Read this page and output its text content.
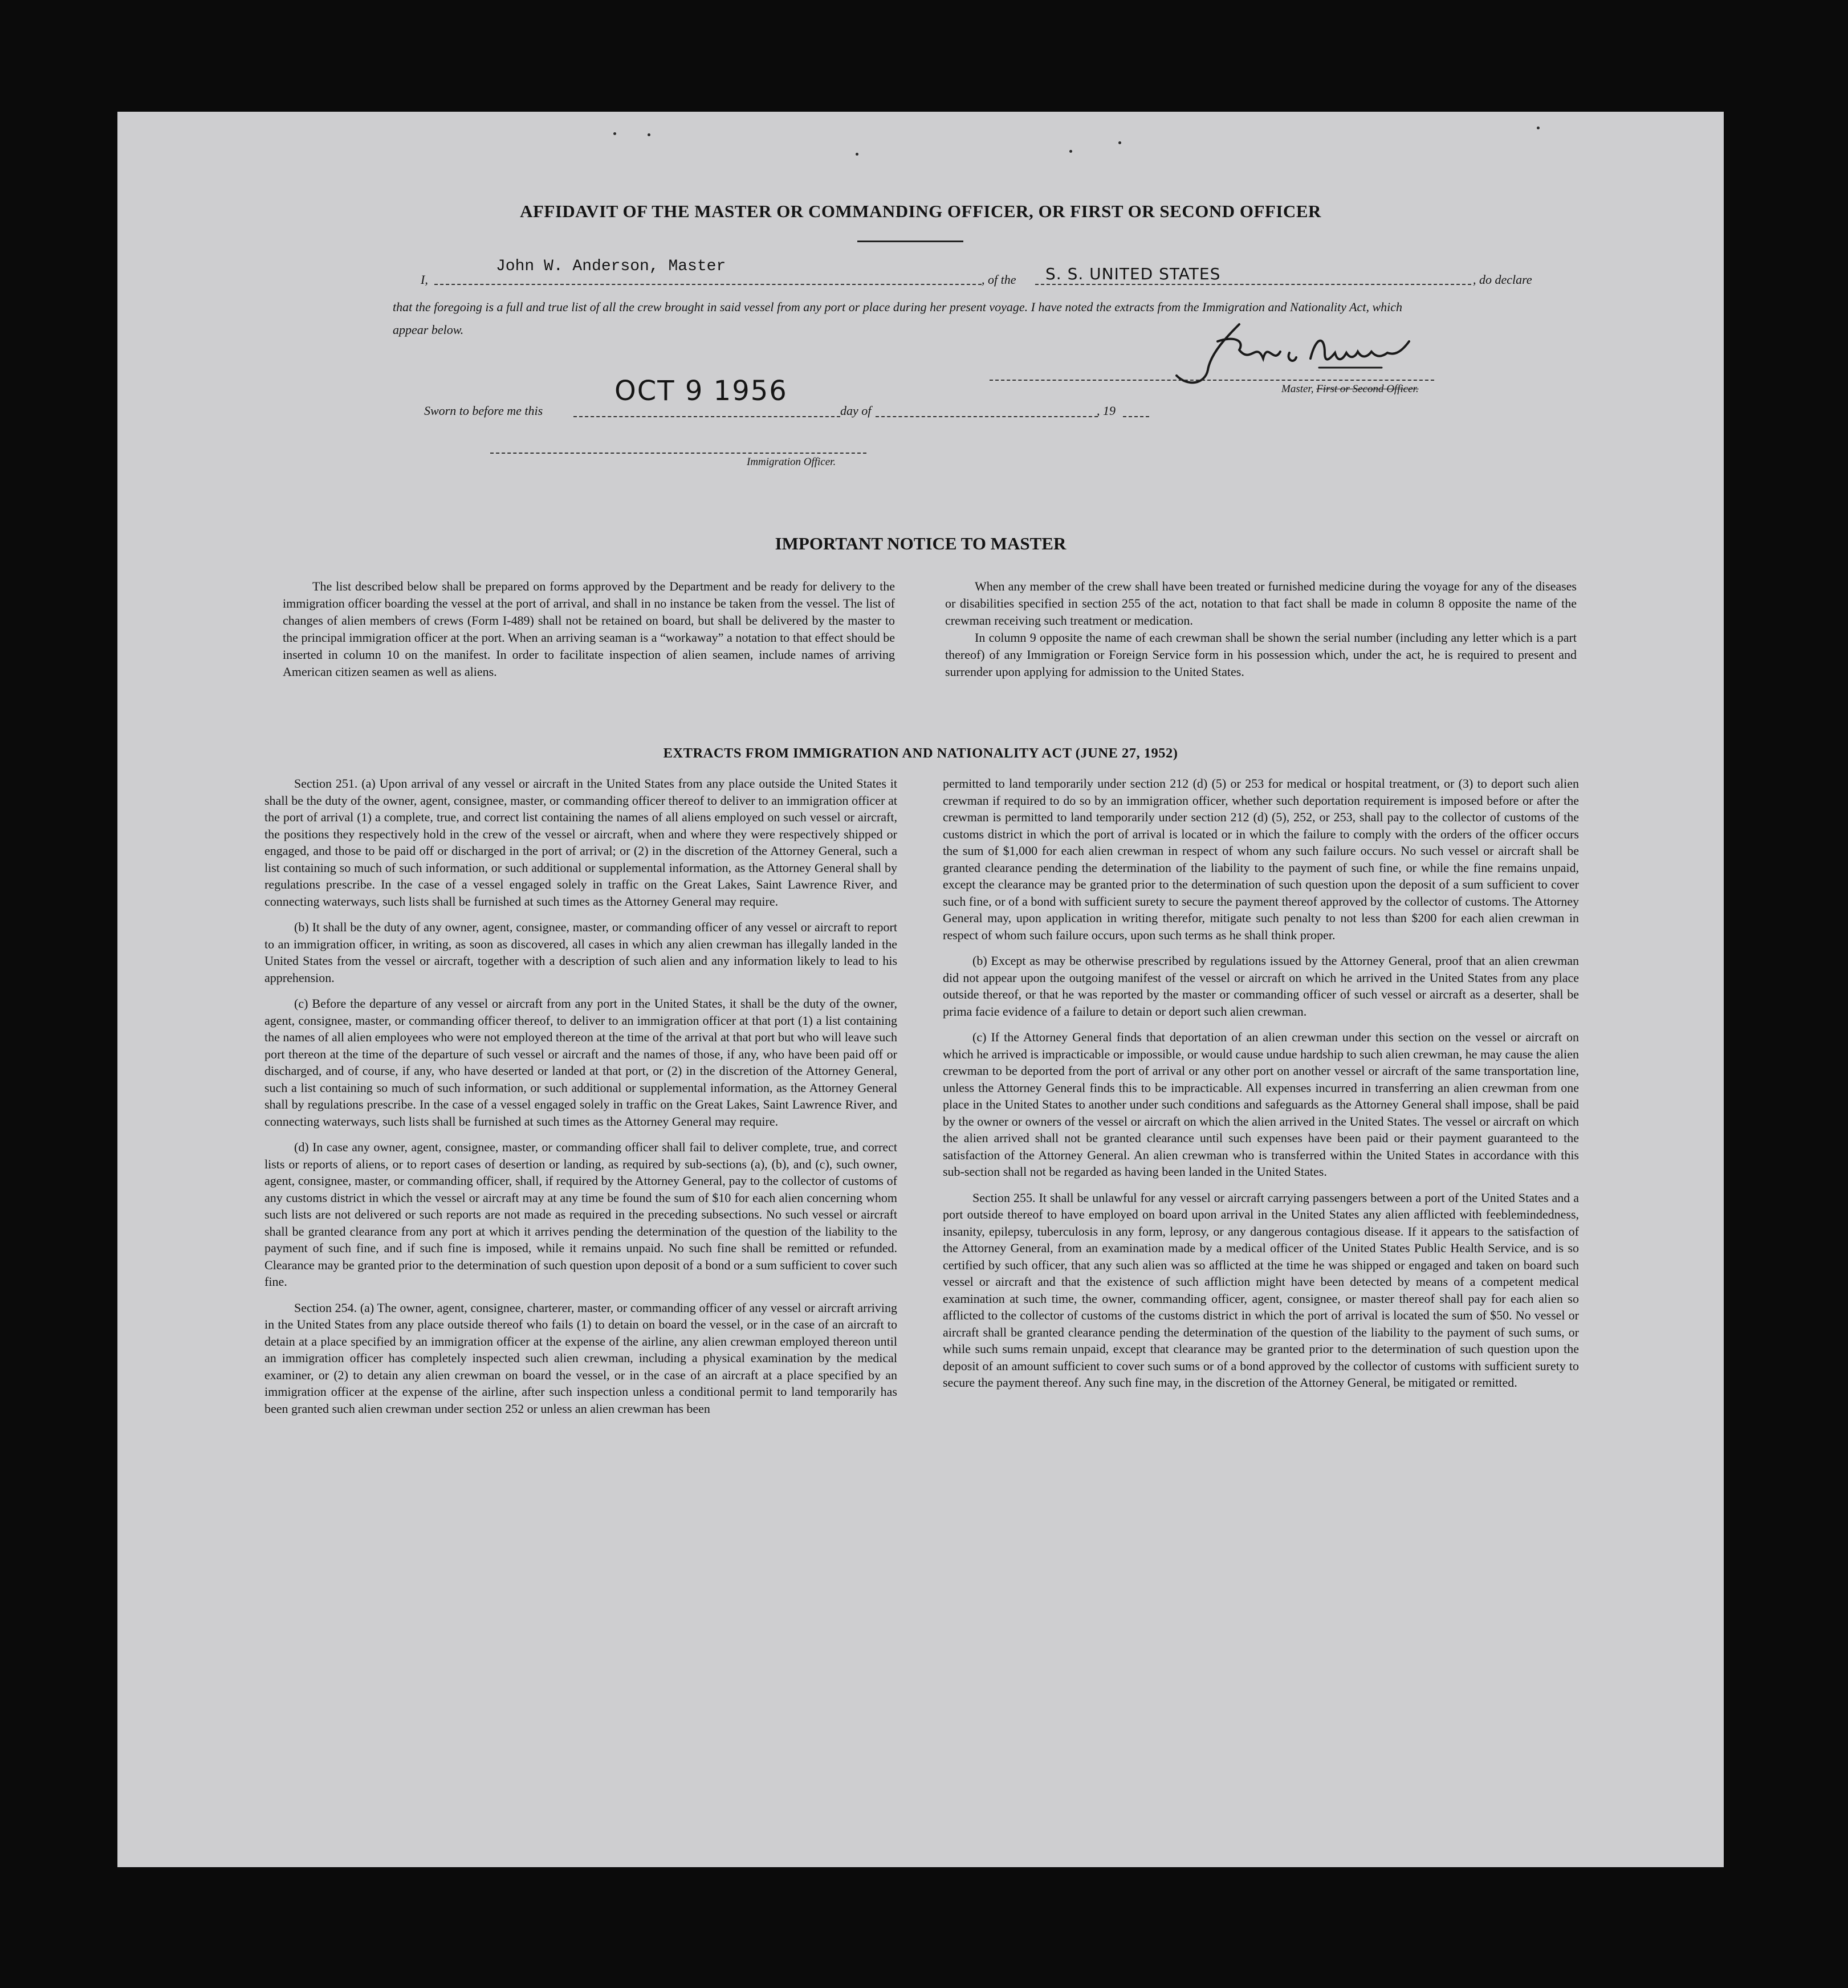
AFFIDAVIT OF THE MASTER OR COMMANDING OFFICER, OR FIRST OR SECOND OFFICER
I,
John W. Anderson, Master
, of the S. S. UNITED STATES	, do declare
that the foregoing is a full and true list of all the crew brought in said vessel from any port or place during her present voyage. I have noted the extracts from the Immigration and Nationality Act, which appear below.
Master, First or Second Officer.
Sworn to before me this
OCT 9 1956
day of	, 19
Immigration Officer.
IMPORTANT NOTICE TO MASTER

The list described below shall be prepared on forms approved by the Department and be ready for delivery to the immigration officer boarding the vessel at the port of arrival, and shall in no instance be taken from the vessel. The list of changes of alien members of crews (Form I-489) shall not be retained on board, but shall be delivered by the master to the principal immigration officer at the port. When an arriving seaman is a “workaway” a notation to that effect should be inserted in column 10 on the manifest. In order to facilitate inspection of alien seamen, include names of arriving American citizen seamen as well as aliens.

When any member of the crew shall have been treated or furnished medicine during the voyage for any of the diseases or disabilities specified in section 255 of the act, notation to that fact shall be made in column 8 opposite the name of the crewman receiving such treatment or medication.

In column 9 opposite the name of each crewman shall be shown the serial number (including any letter which is a part thereof) of any Immigration or Foreign Service form in his possession which, under the act, he is required to present and surrender upon applying for admission to the United States.

EXTRACTS FROM IMMIGRATION AND NATIONALITY ACT (JUNE 27, 1952)

Section 251. (a) Upon arrival of any vessel or aircraft in the United States from any place outside the United States it shall be the duty of the owner, agent, consignee, master, or commanding officer thereof to deliver to an immigration officer at the port of arrival (1) a complete, true, and correct list containing the names of all aliens employed on such vessel or aircraft, the positions they respectively hold in the crew of the vessel or aircraft, when and where they were respectively shipped or engaged, and those to be paid off or discharged in the port of arrival; or (2) in the discretion of the Attorney General, such a list containing so much of such information, or such additional or supplemental information, as the Attorney General shall by regulations prescribe. In the case of a vessel engaged solely in traffic on the Great Lakes, Saint Lawrence River, and connecting waterways, such lists shall be furnished at such times as the Attorney General may require.

(b) It shall be the duty of any owner, agent, consignee, master, or commanding officer of any vessel or aircraft to report to an immigration officer, in writing, as soon as discovered, all cases in which any alien crewman has illegally landed in the United States from the vessel or aircraft, together with a description of such alien and any information likely to lead to his apprehension.

(c) Before the departure of any vessel or aircraft from any port in the United States, it shall be the duty of the owner, agent, consignee, master, or commanding officer thereof, to deliver to an immigration officer at that port (1) a list containing the names of all alien employees who were not employed thereon at the time of the arrival at that port but who will leave such port thereon at the time of the departure of such vessel or aircraft and the names of those, if any, who have been paid off or discharged, and of course, if any, who have deserted or landed at that port, or (2) in the discretion of the Attorney General, such a list containing so much of such information, or such additional or supplemental information, as the Attorney General shall by regulations prescribe. In the case of a vessel engaged solely in traffic on the Great Lakes, Saint Lawrence River, and connecting waterways, such lists shall be furnished at such times as the Attorney General may require.

(d) In case any owner, agent, consignee, master, or commanding officer shall fail to deliver complete, true, and correct lists or reports of aliens, or to report cases of desertion or landing, as required by sub-sections (a), (b), and (c), such owner, agent, consignee, master, or commanding officer, shall, if required by the Attorney General, pay to the collector of customs of any customs district in which the vessel or aircraft may at any time be found the sum of $10 for each alien concerning whom such lists are not delivered or such reports are not made as required in the preceding subsections. No such vessel or aircraft shall be granted clearance from any port at which it arrives pending the determination of the question of the liability to the payment of such fine, and if such fine is imposed, while it remains unpaid. No such fine shall be remitted or refunded. Clearance may be granted prior to the determination of such question upon deposit of a bond or a sum sufficient to cover such fine.

Section 254. (a) The owner, agent, consignee, charterer, master, or commanding officer of any vessel or aircraft arriving in the United States from any place outside thereof who fails (1) to detain on board the vessel, or in the case of an aircraft to detain at a place specified by an immigration officer at the expense of the airline, any alien crewman employed thereon until an immigration officer has completely inspected such alien crewman, including a physical examination by the medical examiner, or (2) to detain any alien crewman on board the vessel, or in the case of an aircraft at a place specified by an immigration officer at the expense of the airline, after such inspection unless a conditional permit to land temporarily has been granted such alien crewman under section 252 or unless an alien crewman has been

permitted to land temporarily under section 212 (d) (5) or 253 for medical or hospital treatment, or (3) to deport such alien crewman if required to do so by an immigration officer, whether such deportation requirement is imposed before or after the crewman is permitted to land temporarily under section 212 (d) (5), 252, or 253, shall pay to the collector of customs of the customs district in which the port of arrival is located or in which the failure to comply with the orders of the officer occurs the sum of $1,000 for each alien crewman in respect of whom any such failure occurs. No such vessel or aircraft shall be granted clearance pending the determination of the liability to the payment of such fine, or while the fine remains unpaid, except the clearance may be granted prior to the determination of such question upon the deposit of a sum sufficient to cover such fine, or of a bond with sufficient surety to secure the payment thereof approved by the collector of customs. The Attorney General may, upon application in writing therefor, mitigate such penalty to not less than $200 for each alien crewman in respect of whom such failure occurs, upon such terms as he shall think proper.

(b) Except as may be otherwise prescribed by regulations issued by the Attorney General, proof that an alien crewman did not appear upon the outgoing manifest of the vessel or aircraft on which he arrived in the United States from any place outside thereof, or that he was reported by the master or commanding officer of such vessel or aircraft as a deserter, shall be prima facie evidence of a failure to detain or deport such alien crewman.

(c) If the Attorney General finds that deportation of an alien crewman under this section on the vessel or aircraft on which he arrived is impracticable or impossible, or would cause undue hardship to such alien crewman, he may cause the alien crewman to be deported from the port of arrival or any other port on another vessel or aircraft of the same transportation line, unless the Attorney General finds this to be impracticable. All expenses incurred in transferring an alien crewman from one place in the United States to another under such conditions and safeguards as the Attorney General shall impose, shall be paid by the owner or owners of the vessel or aircraft on which the alien arrived in the United States. The vessel or aircraft on which the alien arrived shall not be granted clearance until such expenses have been paid or their payment guaranteed to the satisfaction of the Attorney General. An alien crewman who is transferred within the United States in accordance with this sub-section shall not be regarded as having been landed in the United States.

Section 255. It shall be unlawful for any vessel or aircraft carrying passengers between a port of the United States and a port outside thereof to have employed on board upon arrival in the United States any alien afflicted with feeblemindedness, insanity, epilepsy, tuberculosis in any form, leprosy, or any dangerous contagious disease. If it appears to the satisfaction of the Attorney General, from an examination made by a medical officer of the United States Public Health Service, and is so certified by such officer, that any such alien was so afflicted at the time he was shipped or engaged and taken on board such vessel or aircraft and that the existence of such affliction might have been detected by means of a competent medical examination at such time, the owner, commanding officer, agent, consignee, or master thereof shall pay for each alien so afflicted to the collector of customs of the customs district in which the port of arrival is located the sum of $50. No vessel or aircraft shall be granted clearance pending the determination of the question of the liability to the payment of such sums, or while such sums remain unpaid, except that clearance may be granted prior to the determination of such question upon the deposit of an amount sufficient to cover such sums or of a bond approved by the collector of customs with sufficient surety to secure the payment thereof. Any such fine may, in the discretion of the Attorney General, be mitigated or remitted.
